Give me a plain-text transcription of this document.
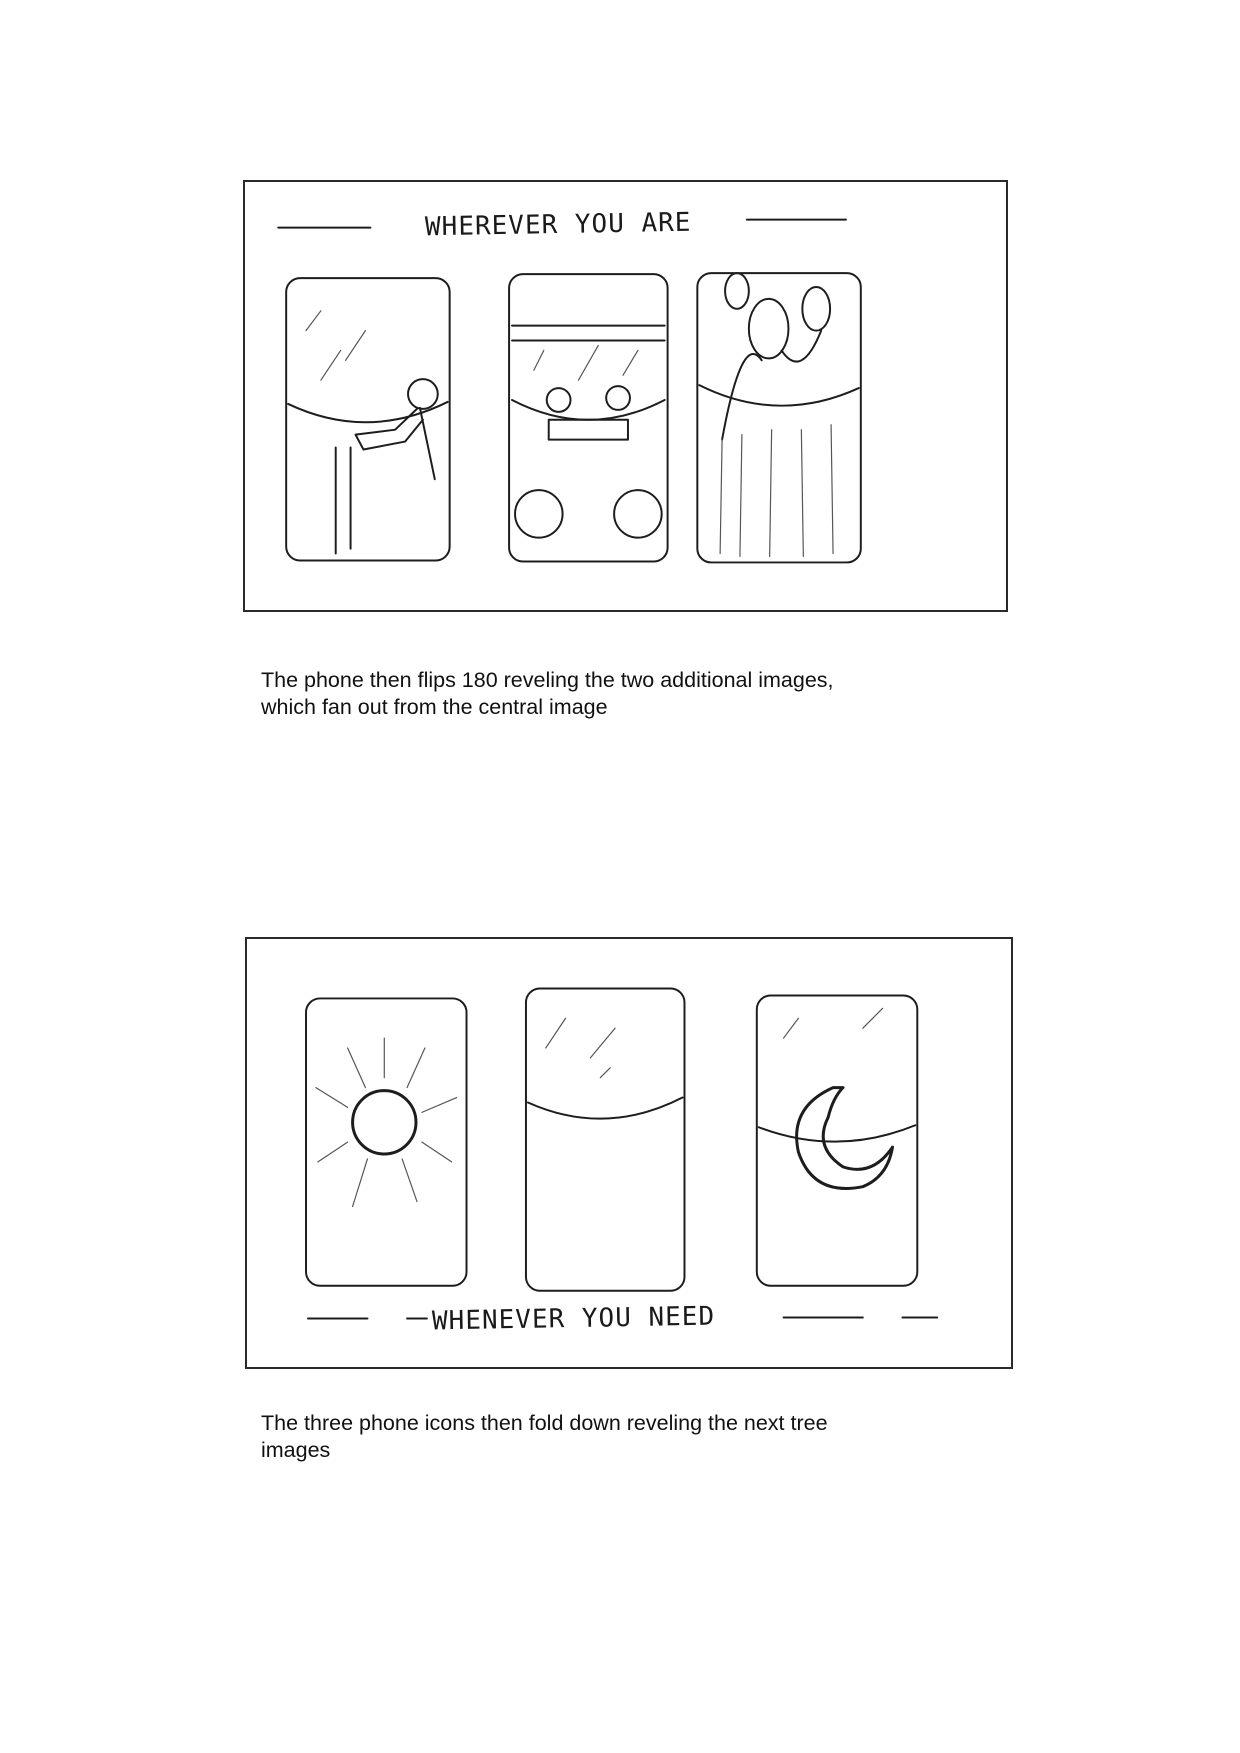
WHEREVER YOU ARE
The phone then flips 180 reveling the two additional images,
which fan out from the central image
WHENEVER YOU NEED
The three phone icons then fold down reveling the next tree
images
